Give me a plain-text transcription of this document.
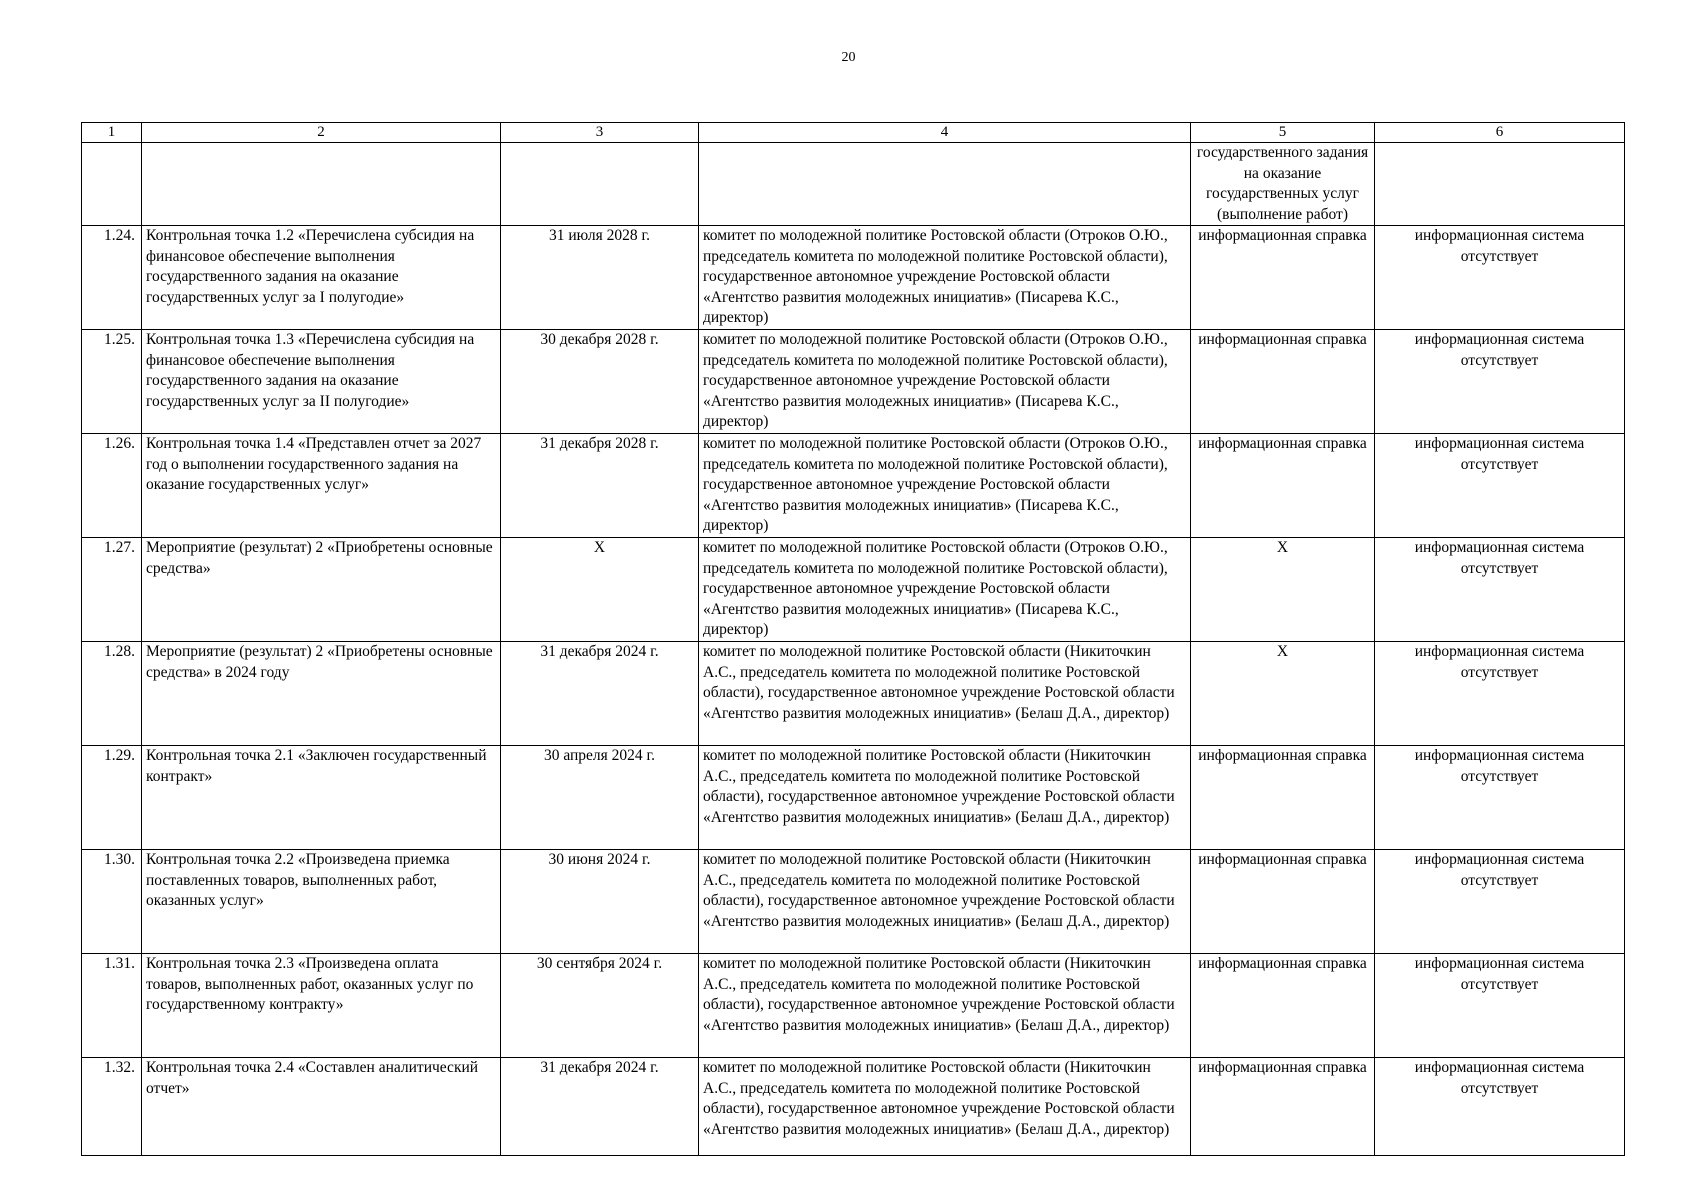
20
1	2	3	4	5	6
				государственного задания на оказание государственных услуг (выполнение работ)	
1.24.	Контрольная точка 1.2 «Перечислена субсидия на финансовое обеспечение выполнения государственного задания на оказание государственных услуг за I полугодие»	31 июля 2028 г.	комитет по молодежной политике Ростовской области (Отроков О.Ю., председатель комитета по молодежной политике Ростовской области), государственное автономное учреждение Ростовской области «Агентство развития молодежных инициатив» (Писарева К.С., директор)	информационная справка	информационная система отсутствует
1.25.	Контрольная точка 1.3 «Перечислена субсидия на финансовое обеспечение выполнения государственного задания на оказание государственных услуг за II полугодие»	30 декабря 2028 г.	комитет по молодежной политике Ростовской области (Отроков О.Ю., председатель комитета по молодежной политике Ростовской области), государственное автономное учреждение Ростовской области «Агентство развития молодежных инициатив» (Писарева К.С., директор)	информационная справка	информационная система отсутствует
1.26.	Контрольная точка 1.4 «Представлен отчет за 2027 год о выполнении государственного задания на оказание государственных услуг»	31 декабря 2028 г.	комитет по молодежной политике Ростовской области (Отроков О.Ю., председатель комитета по молодежной политике Ростовской области), государственное автономное учреждение Ростовской области «Агентство развития молодежных инициатив» (Писарева К.С., директор)	информационная справка	информационная система отсутствует
1.27.	Мероприятие (результат) 2 «Приобретены основные средства»	X	комитет по молодежной политике Ростовской области (Отроков О.Ю., председатель комитета по молодежной политике Ростовской области), государственное автономное учреждение Ростовской области «Агентство развития молодежных инициатив» (Писарева К.С., директор)	X	информационная система отсутствует
1.28.	Мероприятие (результат) 2 «Приобретены основные средства» в 2024 году	31 декабря 2024 г.	комитет по молодежной политике Ростовской области (Никиточкин А.С., председатель комитета по молодежной политике Ростовской области), государственное автономное учреждение Ростовской области «Агентство развития молодежных инициатив» (Белаш Д.А., директор)	X	информационная система отсутствует
1.29.	Контрольная точка 2.1 «Заключен государственный контракт»	30 апреля 2024 г.	комитет по молодежной политике Ростовской области (Никиточкин А.С., председатель комитета по молодежной политике Ростовской области), государственное автономное учреждение Ростовской области «Агентство развития молодежных инициатив» (Белаш Д.А., директор)	информационная справка	информационная система отсутствует
1.30.	Контрольная точка 2.2 «Произведена приемка поставленных товаров, выполненных работ, оказанных услуг»	30 июня 2024 г.	комитет по молодежной политике Ростовской области (Никиточкин А.С., председатель комитета по молодежной политике Ростовской области), государственное автономное учреждение Ростовской области «Агентство развития молодежных инициатив» (Белаш Д.А., директор)	информационная справка	информационная система отсутствует
1.31.	Контрольная точка 2.3 «Произведена оплата товаров, выполненных работ, оказанных услуг по государственному контракту»	30 сентября 2024 г.	комитет по молодежной политике Ростовской области (Никиточкин А.С., председатель комитета по молодежной политике Ростовской области), государственное автономное учреждение Ростовской области «Агентство развития молодежных инициатив» (Белаш Д.А., директор)	информационная справка	информационная система отсутствует
1.32.	Контрольная точка 2.4 «Составлен аналитический отчет»	31 декабря 2024 г.	комитет по молодежной политике Ростовской области (Никиточкин А.С., председатель комитета по молодежной политике Ростовской области), государственное автономное учреждение Ростовской области «Агентство развития молодежных инициатив» (Белаш Д.А., директор)	информационная справка	информационная система отсутствует
